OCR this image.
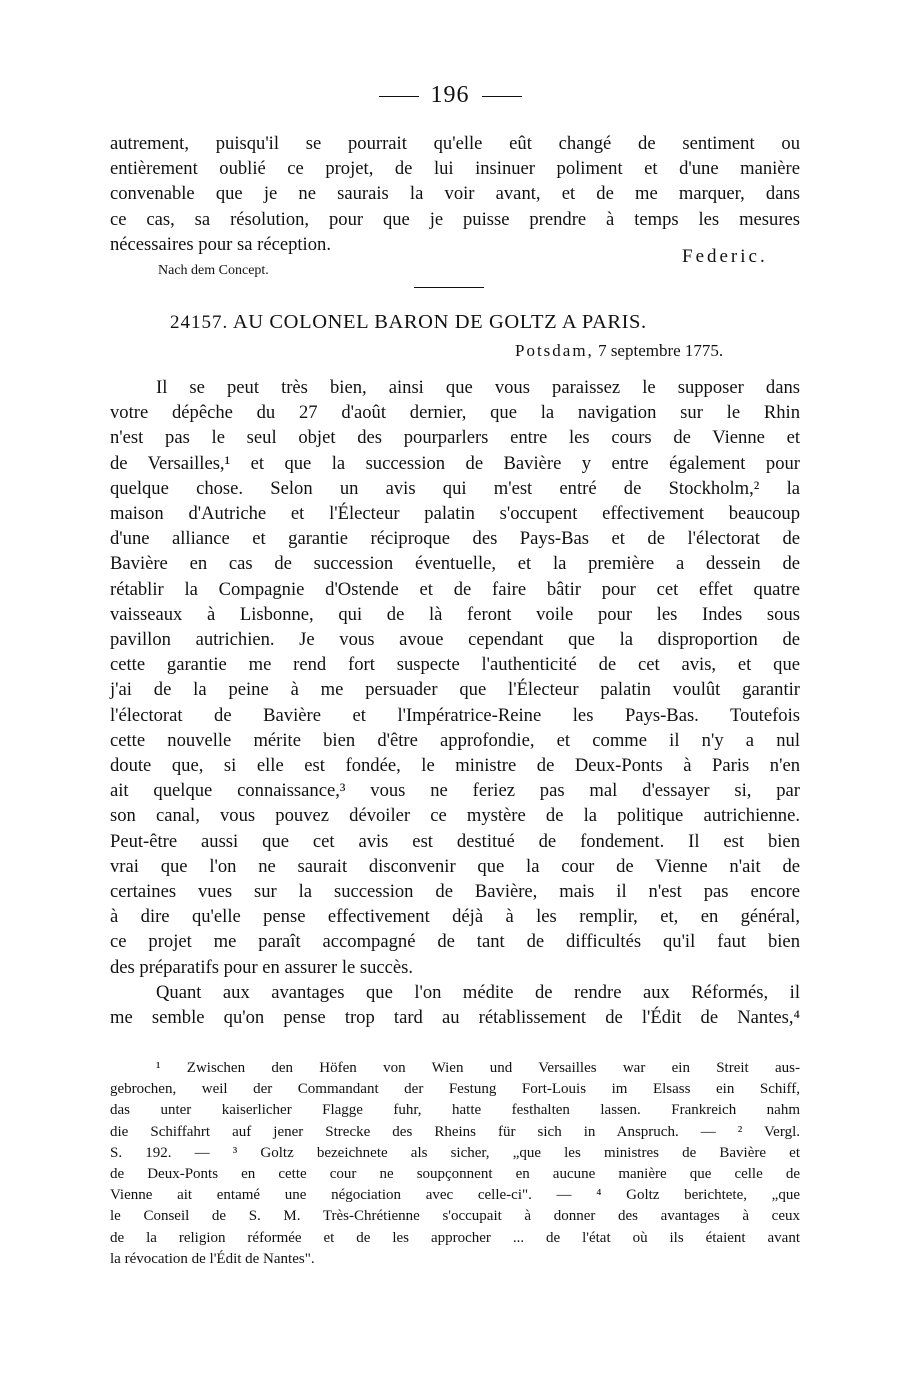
196
autrement, puisqu'il se pourrait qu'elle eût changé de sentiment ou
entièrement oublié ce projet, de lui insinuer poliment et d'une manière
convenable que je ne saurais la voir avant, et de me marquer, dans
ce cas, sa résolution, pour que je puisse prendre à temps les mesures
nécessaires pour sa réception.
Federic.
Nach dem Concept.
24157. AU COLONEL BARON DE GOLTZ A PARIS.
Potsdam, 7 septembre 1775.
Il se peut très bien, ainsi que vous paraissez le supposer dans
votre dépêche du 27 d'août dernier, que la navigation sur le Rhin
n'est pas le seul objet des pourparlers entre les cours de Vienne et
de Versailles,¹ et que la succession de Bavière y entre également pour
quelque chose. Selon un avis qui m'est entré de Stockholm,² la
maison d'Autriche et l'Électeur palatin s'occupent effectivement beaucoup
d'une alliance et garantie réciproque des Pays-Bas et de l'électorat de
Bavière en cas de succession éventuelle, et la première a dessein de
rétablir la Compagnie d'Ostende et de faire bâtir pour cet effet quatre
vaisseaux à Lisbonne, qui de là feront voile pour les Indes sous
pavillon autrichien. Je vous avoue cependant que la disproportion de
cette garantie me rend fort suspecte l'authenticité de cet avis, et que
j'ai de la peine à me persuader que l'Électeur palatin voulût garantir
l'électorat de Bavière et l'Impératrice-Reine les Pays-Bas. Toutefois
cette nouvelle mérite bien d'être approfondie, et comme il n'y a nul
doute que, si elle est fondée, le ministre de Deux-Ponts à Paris n'en
ait quelque connaissance,³ vous ne feriez pas mal d'essayer si, par
son canal, vous pouvez dévoiler ce mystère de la politique autrichienne.
Peut-être aussi que cet avis est destitué de fondement. Il est bien
vrai que l'on ne saurait disconvenir que la cour de Vienne n'ait de
certaines vues sur la succession de Bavière, mais il n'est pas encore
à dire qu'elle pense effectivement déjà à les remplir, et, en général,
ce projet me paraît accompagné de tant de difficultés qu'il faut bien
des préparatifs pour en assurer le succès.
Quant aux avantages que l'on médite de rendre aux Réformés, il
me semble qu'on pense trop tard au rétablissement de l'Édit de Nantes,⁴
¹ Zwischen den Höfen von Wien und Versailles war ein Streit aus-
gebrochen, weil der Commandant der Festung Fort-Louis im Elsass ein Schiff,
das unter kaiserlicher Flagge fuhr, hatte festhalten lassen. Frankreich nahm
die Schiffahrt auf jener Strecke des Rheins für sich in Anspruch. — ² Vergl.
S. 192. — ³ Goltz bezeichnete als sicher, „que les ministres de Bavière et
de Deux-Ponts en cette cour ne soupçonnent en aucune manière que celle de
Vienne ait entamé une négociation avec celle-ci". — ⁴ Goltz berichtete, „que
le Conseil de S. M. Très-Chrétienne s'occupait à donner des avantages à ceux
de la religion réformée et de les approcher ... de l'état où ils étaient avant
la révocation de l'Édit de Nantes".
